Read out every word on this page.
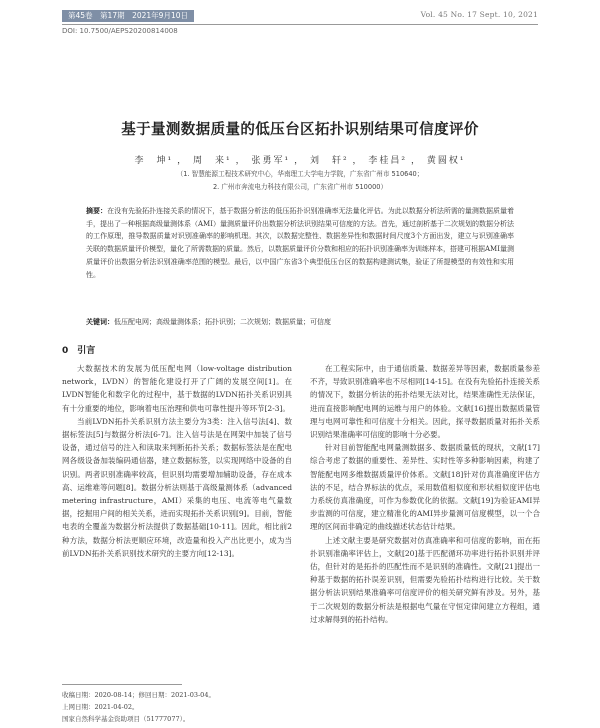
第45卷　第17期　2021年9月10日	Vol. 45 No. 17 Sept. 10, 2021
DOI: 10.7500/AEPS20200814008
基于量测数据质量的低压台区拓扑识别结果可信度评价
李　坤¹ ， 周　来¹ ， 张勇军¹ ， 刘　轩² ， 李桂昌² ， 黄圆权¹
（1. 智慧能源工程技术研究中心，华南理工大学电力学院，广东省广州市 510640；
2. 广州市奔流电力科技有限公司，广东省广州市 510000）
摘要：在没有先验拓扑连接关系的情况下，基于数据分析法的低压拓扑识别准确率无法量化评估。为此以数据分析法所需的量测数据质量着手，提出了一种根据高级量测体系（AMI）量测质量评价出数据分析法识别结果可信度的方法。首先，通过剖析基于二次规划的数据分析法的工作原理，推导数据质量对识别准确率的影响机理。其次，以数据完整性、数据差异性和数据时间尺度3个方面出发，建立与识别准确率关联的数据质量评价模型，量化了所需数据的质量。然后，以数据质量评价分数和相应的拓扑识别准确率为训练样本，搭建可根据AMI量测质量评价出数据分析法识别准确率范围的模型。最后，以中国广东省3个典型低压台区的数据构建测试集，验证了所提模型的有效性和实用性。
关键词：低压配电网；高级量测体系；拓扑识别；二次规划；数据质量；可信度
0　引言

大数据技术的发展为低压配电网（low-voltage distribution network，LVDN）的智能化建设打开了广阔的发展空间[1]。在LVDN智能化和数字化的过程中，基于数据的LVDN拓扑关系识别具有十分重要的地位，影响着电压治理和供电可靠性提升等环节[2-3]。

当前LVDN拓扑关系识别方法主要分为3类：注入信号法[4]、数据标签法[5]与数据分析法[6-7]。注入信号法是在网架中加装了信号设备，通过信号的注入和读取来判断拓扑关系；数据标签法是在配电网各级设备加装编码通信器，建立数据标签，以实现网络中设备的自识别。两者识别准确率较高，但识别均需要增加辅助设备，存在成本高、运维难等问题[8]。数据分析法则基于高级量测体系（advanced metering infrastructure，AMI）采集的电压、电流等电气量数据，挖掘用户间的相关关系，进而实现拓扑关系识别[9]。目前，智能电表的全覆盖为数据分析法提供了数据基础[10-11]。因此，相比前2种方法，数据分析法更顺应环境，改造量和投入产出比更小，成为当前LVDN拓扑关系识别技术研究的主要方向[12-13]。

在工程实际中，由于通信质量、数据差异等因素，数据质量参差不齐，导致识别准确率也不尽相同[14-15]。在没有先验拓扑连接关系的情况下，数据分析法的拓扑结果无法对比，结果准确性无法保证，进而直接影响配电网的运维与用户的体验。文献[16]提出数据质量管理与电网可靠性和可信度十分相关。因此，探寻数据质量对拓扑关系识别结果准确率可信度的影响十分必要。

针对目前智能配电网量测数据多、数据质量低的现状，文献[17]综合考虑了数据的重要性、差异性、实时性等多种影响因素，构建了智能配电网多维数据质量评价体系。文献[18]针对仿真准确度评估方法的不足，结合界标法的优点，采用数值相似度和形状相似度评估电力系统仿真准确度，可作为参数优化的依据。文献[19]为验证AMI异步监测的可信度，建立精准化的AMI异步量测可信度模型，以一个合理的区间而非确定的曲线描述状态估计结果。

上述文献主要是研究数据对仿真准确率和可信度的影响，而在拓扑识别准确率评估上，文献[20]基于匹配循环功率进行拓扑识别并评估，但针对的是拓扑的匹配性而不是识别的准确性。文献[21]提出一种基于数据的拓扑误差识别，但需要先验拓扑结构进行比较。关于数据分析法识别结果准确率可信度评价的相关研究鲜有涉及。另外，基于二次规划的数据分析法是根据电气量在守恒定律间建立方程组，通过求解得到的拓扑结构。

收稿日期：2020-08-14；修回日期：2021-03-04。
上网日期：2021-04-02。
国家自然科学基金资助项目（51777077）。
